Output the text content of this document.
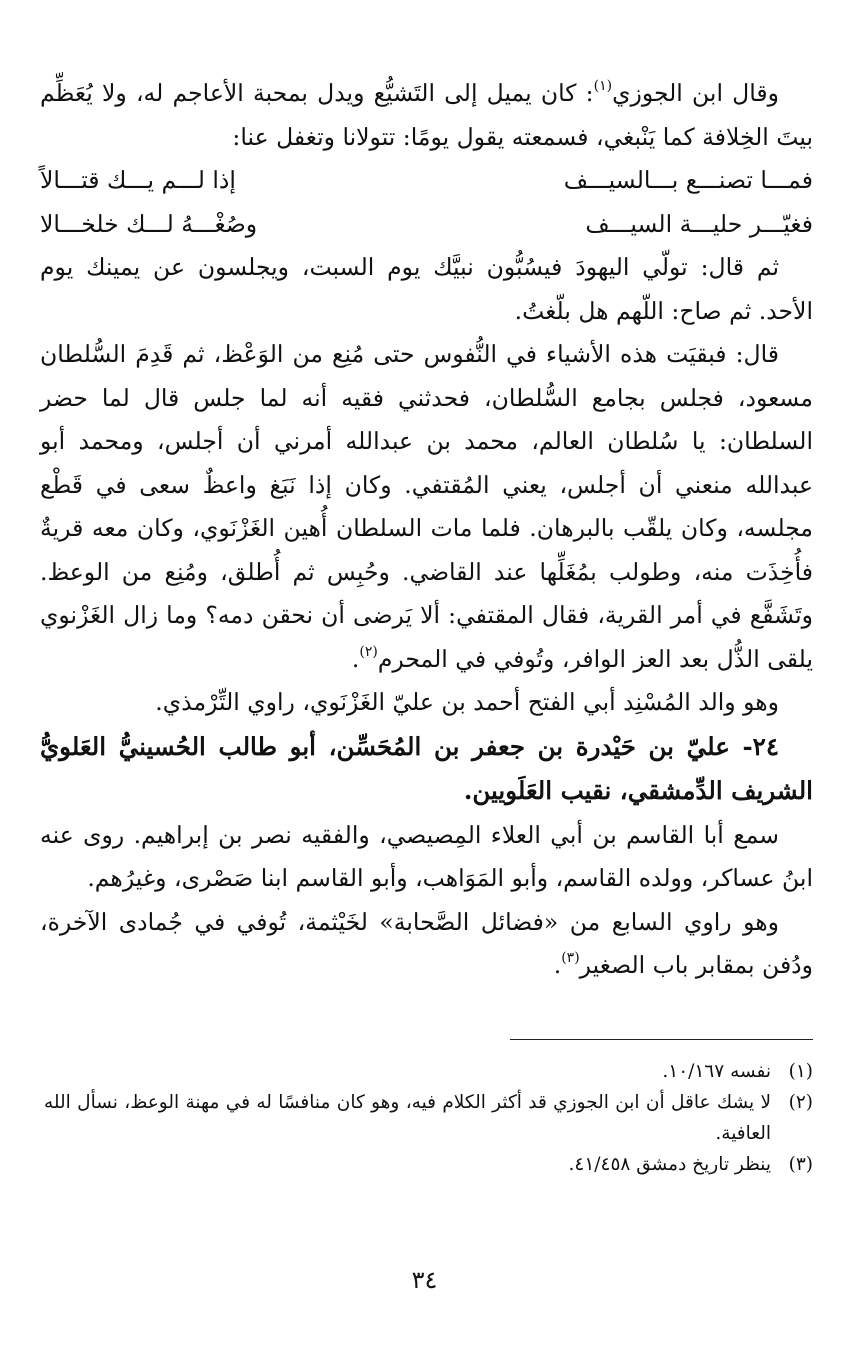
وقال ابن الجوزي$^{(١)}$: كان يميل إلى التَشيُّع ويدل بمحبة الأعاجم له، ولا يُعَظِّم بيتَ الخِلافة كما يَنْبغي، فسمعته يقول يومًا: تتولانا وتغفل عنا:

فمـــا تصنـــع بـــالسيـــف
إذا لـــم يـــك قتـــالاً
فغيّـــر حليـــة السيـــف
وصُغْـــهُ لـــك خلخـــالا

ثم قال: تولّي اليهودَ فيسُبُّون نبيَّك يوم السبت، ويجلسون عن يمينك يوم الأحد. ثم صاح: اللّهم هل بلّغتُ.

قال: فبقيَت هذه الأشياء في النُّفوس حتى مُنِع من الوَعْظ، ثم قَدِمَ السُّلطان مسعود، فجلس بجامع السُّلطان، فحدثني فقيه أنه لما جلس قال لما حضر السلطان: يا سُلطان العالم، محمد بن عبدالله أمرني أن أجلس، ومحمد أبو عبدالله منعني أن أجلس، يعني المُقتفي. وكان إذا نَبَغ واعظٌ سعى في قَطْع مجلسه، وكان يلقّب بالبرهان. فلما مات السلطان أُهين الغَزْنَوي، وكان معه قريةٌ فأُخِذَت منه، وطولب بمُغَلِّها عند القاضي. وحُبِس ثم أُطلق، ومُنِع من الوعظ. وتَشَفَّع في أمر القرية، فقال المقتفي: ألا يَرضى أن نحقن دمه؟ وما زال الغَزْنوي يلقى الذُّل بعد العز الوافر، وتُوفي في المحرم$^{(٢)}$.

وهو والد المُسْنِد أبي الفتح أحمد بن عليّ الغَزْنَوي، راوي التِّرْمذي.

٢٤- عليّ بن حَيْدرة بن جعفر بن المُحَسِّن، أبو طالب الحُسينيُّ العَلويُّ الشريف الدِّمشقي، نقيب العَلَويين.

سمع أبا القاسم بن أبي العلاء المِصيصي، والفقيه نصر بن إبراهيم. روى عنه ابنُ عساكر، وولده القاسم، وأبو المَوَاهب، وأبو القاسم ابنا صَصْرى، وغيرُهم.

وهو راوي السابع من «فضائل الصَّحابة» لخَيْثمة، تُوفي في جُمادى الآخرة، ودُفن بمقابر باب الصغير$^{(٣)}$.

(١)
نفسه ١٠/١٦٧.
(٢)
لا يشك عاقل أن ابن الجوزي قد أكثر الكلام فيه، وهو كان منافسًا له في مهنة الوعظ، نسأل الله العافية.
(٣)
ينظر تاريخ دمشق ٤١/٤٥٨.
٣٤
